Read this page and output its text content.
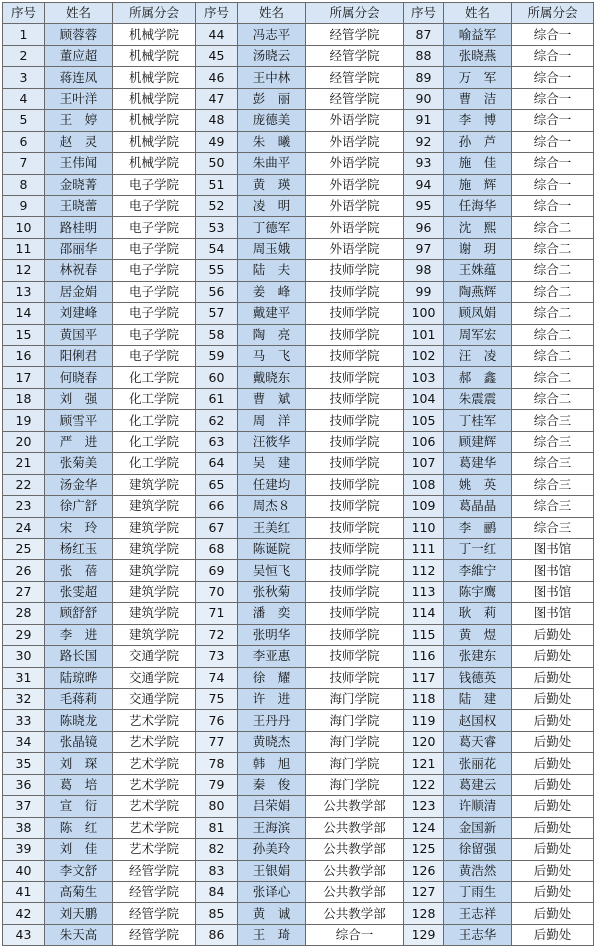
序号	姓名	所属分会	序号	姓名	所属分会	序号	姓名	所属分会
1	顾蓉蓉	机械学院	44	冯志平	经管学院	87	喻益军	综合一
2	董应超	机械学院	45	汤晓云	经管学院	88	张晓燕	综合一
3	蒋连凤	机械学院	46	王中林	经管学院	89	万　军	综合一
4	王叶洋	机械学院	47	彭　丽	经管学院	90	曹　洁	综合一
5	王　婷	机械学院	48	庞德美	外语学院	91	李　博	综合一
6	赵　灵	机械学院	49	朱　曦	外语学院	92	孙　芦	综合一
7	王伟闻	机械学院	50	朱曲平	外语学院	93	施　佳	综合一
8	金晓菁	电子学院	51	黄　瑛	外语学院	94	施　辉	综合一
9	王晓蕾	电子学院	52	凌　明	外语学院	95	任海华	综合一
10	路桂明	电子学院	53	丁德军	外语学院	96	沈　熙	综合二
11	邵丽华	电子学院	54	周玉娥	外语学院	97	谢　玥	综合二
12	林祝春	电子学院	55	陆　夫	技师学院	98	王姝蕴	综合二
13	居金娟	电子学院	56	姜　峰	技师学院	99	陶燕辉	综合二
14	刘建峰	电子学院	57	戴建平	技师学院	100	顾凤娟	综合二
15	黄国平	电子学院	58	陶　亮	技师学院	101	周军宏	综合二
16	阳俐君	电子学院	59	马　飞	技师学院	102	汪　凌	综合二
17	何晓春	化工学院	60	戴晓东	技师学院	103	郝　鑫	综合二
18	刘　强	化工学院	61	曹　斌	技师学院	104	朱震震	综合二
19	顾雪平	化工学院	62	周　洋	技师学院	105	丁桂军	综合三
20	严　进	化工学院	63	汪筱华	技师学院	106	顾建辉	综合三
21	张菊美	化工学院	64	吴　建	技师学院	107	葛建华	综合三
22	汤金华	建筑学院	65	任建均	技师学院	108	姚　英	综合三
23	徐广舒	建筑学院	66	周杰８	技师学院	109	葛晶晶	综合三
24	宋　玲	建筑学院	67	王美红	技师学院	110	李　鹂	综合三
25	杨红玉	建筑学院	68	陈诞院	技师学院	111	丁一红	图书馆
26	张　蓓	建筑学院	69	吴恒飞	技师学院	112	李維宁	图书馆
27	张雯超	建筑学院	70	张秋菊	技师学院	113	陈宇鹰	图书馆
28	顾舒舒	建筑学院	71	潘　奕	技师学院	114	耿　莉	图书馆
29	李　进	建筑学院	72	张明华	技师学院	115	黄　煜	后勤处
30	路长国	交通学院	73	李亚惠	技师学院	116	张建东	后勤处
31	陆琼晔	交通学院	74	徐　耀	技师学院	117	钱德英	后勤处
32	毛蒋莉	交通学院	75	许　进	海门学院	118	陆　建	后勤处
33	陈晓龙	艺术学院	76	王丹丹	海门学院	119	赵国权	后勤处
34	张晶镜	艺术学院	77	黄晓杰	海门学院	120	葛天睿	后勤处
35	刘　琛	艺术学院	78	韩　旭	海门学院	121	张丽花	后勤处
36	葛　培	艺术学院	79	秦　俊	海门学院	122	葛建云	后勤处
37	宣　衍	艺术学院	80	吕荣娟	公共教学部	123	许顺清	后勤处
38	陈　红	艺术学院	81	王海滨	公共教学部	124	金国新	后勤处
39	刘　佳	艺术学院	82	孙美玲	公共教学部	125	徐留强	后勤处
40	李文舒	经管学院	83	王银娟	公共教学部	126	黄浩然	后勤处
41	高菊生	经管学院	84	张译心	公共教学部	127	丁雨生	后勤处
42	刘天鹏	经管学院	85	黄　诚	公共教学部	128	王志祥	后勤处
43	朱天高	经管学院	86	王　琦	综合一	129	王志华	后勤处
